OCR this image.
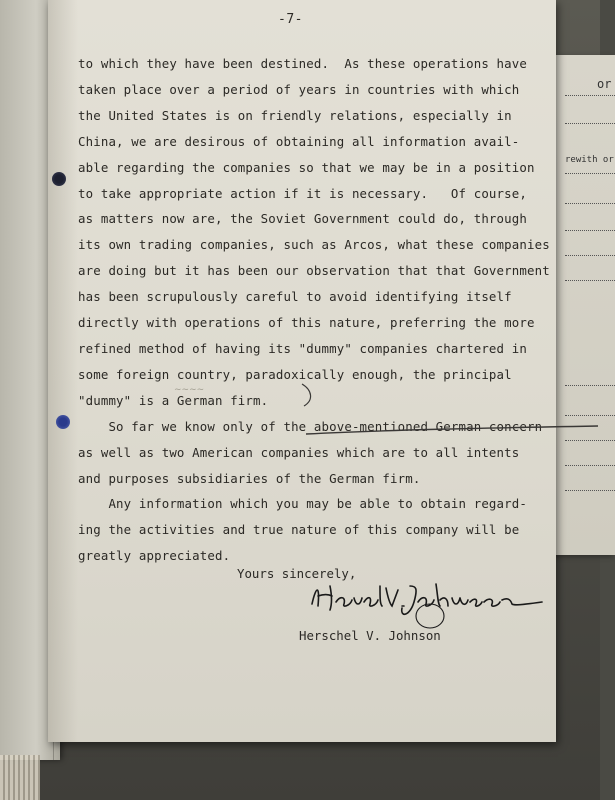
or
rewith or
-7-

to which they have been destined.  As these operations have

taken place over a period of years in countries with which

the United States is on friendly relations, especially in

China, we are desirous of obtaining all information avail-

able regarding the companies so that we may be in a position

to take appropriate action if it is necessary.   Of course,

as matters now are, the Soviet Government could do, through

its own trading companies, such as Arcos, what these companies

are doing but it has been our observation that that Government

has been scrupulously careful to avoid identifying itself

directly with operations of this nature, preferring the more

refined method of having its "dummy" companies chartered in

some foreign country, paradoxically enough, the principal

"dummy" is a German firm.

So far we know only of the above-mentioned German concern

as well as two American companies which are to all intents

and purposes subsidiaries of the German firm.

Any information which you may be able to obtain regard-

ing the activities and true nature of this company will be

greatly appreciated.

Yours sincerely,
Herschel V. Johnson
~~~~
